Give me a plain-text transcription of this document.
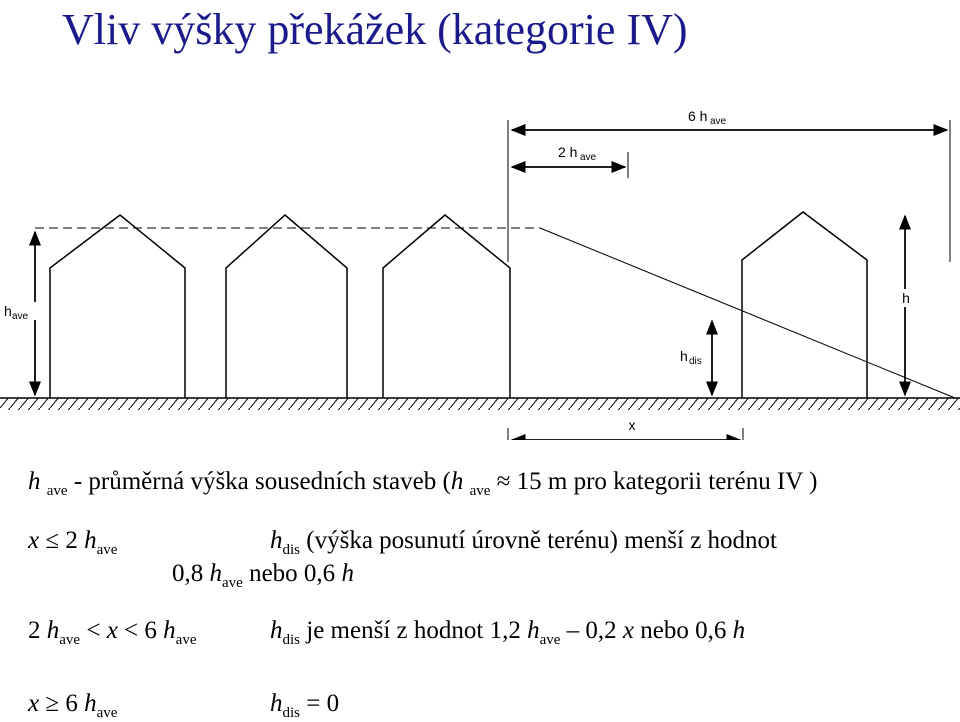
Vliv výšky překážek (kategorie IV)
h ave
h
h dis
6 h ave
2 h ave
x
h $_{ave}$ - průměrná výška sousedních staveb (h $_{ave}$ ≈ 15 m pro kategorii terénu IV )
x ≤ 2 $h_{ave}$	$h_{dis}$ (výška posunutí úrovně terénu) menší z hodnot
0,8 $h_{ave}$ nebo 0,6 h
2 $h_{ave} < x < 6$ $h_{ave}$	$h_{dis}$ je menší z hodnot 1,2 $h_{ave} - 0,2$ x nebo 0,6 h
x ≥ 6 $h_{ave}$	$h_{dis} = 0$
